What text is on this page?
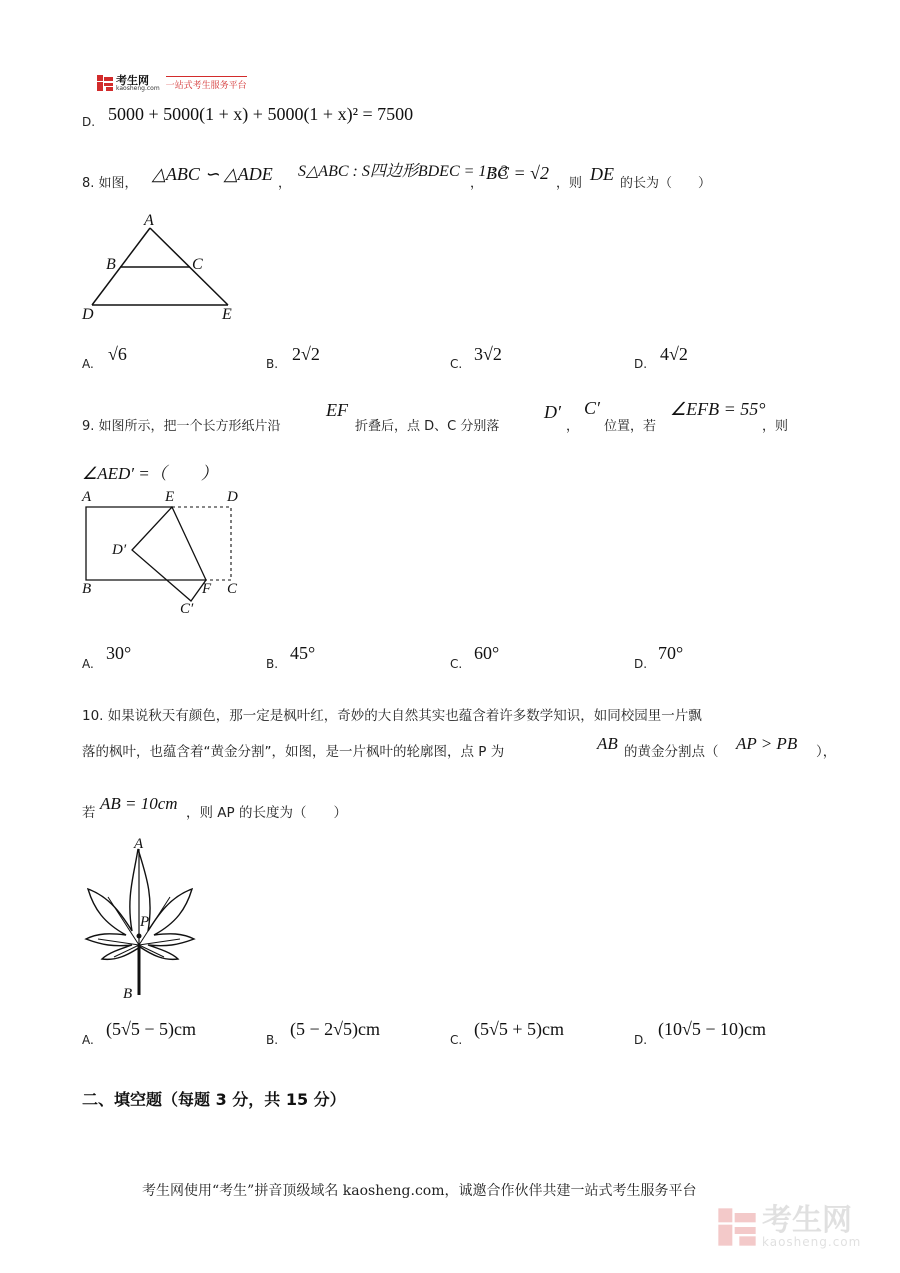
考生网
kaosheng.com 一站式考生服务平台
D. 5000 + 5000(1 + x) + 5000(1 + x)² = 7500
8. 如图， △ABC ∽ △ADE ，
S△ABC : S四边形BDEC = 1 : 3
，
BC = √2
，则 DE 的长为（　　）
A
B	C
D	E
A. √6	B. 2√2	C. 3√2	D. 4√2
9. 如图所示，把一个长方形纸片沿
EF
折叠后，点 D、C 分别落
D′
，
C′
位置，若
∠EFB = 55°
，则
∠AED′ =（　　）
A	E	D
D′
B	F C
C′
A.
30°
B.
45°
C.
60°
D.
70°
10. 如果说秋天有颜色，那一定是枫叶红，奇妙的大自然其实也蕴含着许多数学知识，如同校园里一片飘
落的枫叶，也蕴含着“黄金分割”，如图，是一片枫叶的轮廓图，点 P 为	AB 的黄金分割点（ AP > PB ），
若 AB = 10cm ，则 AP 的长度为（　　）
A
P
B
A.
(5√5 − 5)cm
B.
(5 − 2√5)cm
C.
(5√5 + 5)cm
D.
(10√5 − 10)cm
二、填空题（每题 3 分，共 15 分）
考生网使用“考生”拼音顶级域名 kaosheng.com，诚邀合作伙伴共建一站式考生服务平台
考生网
kaosheng.com
